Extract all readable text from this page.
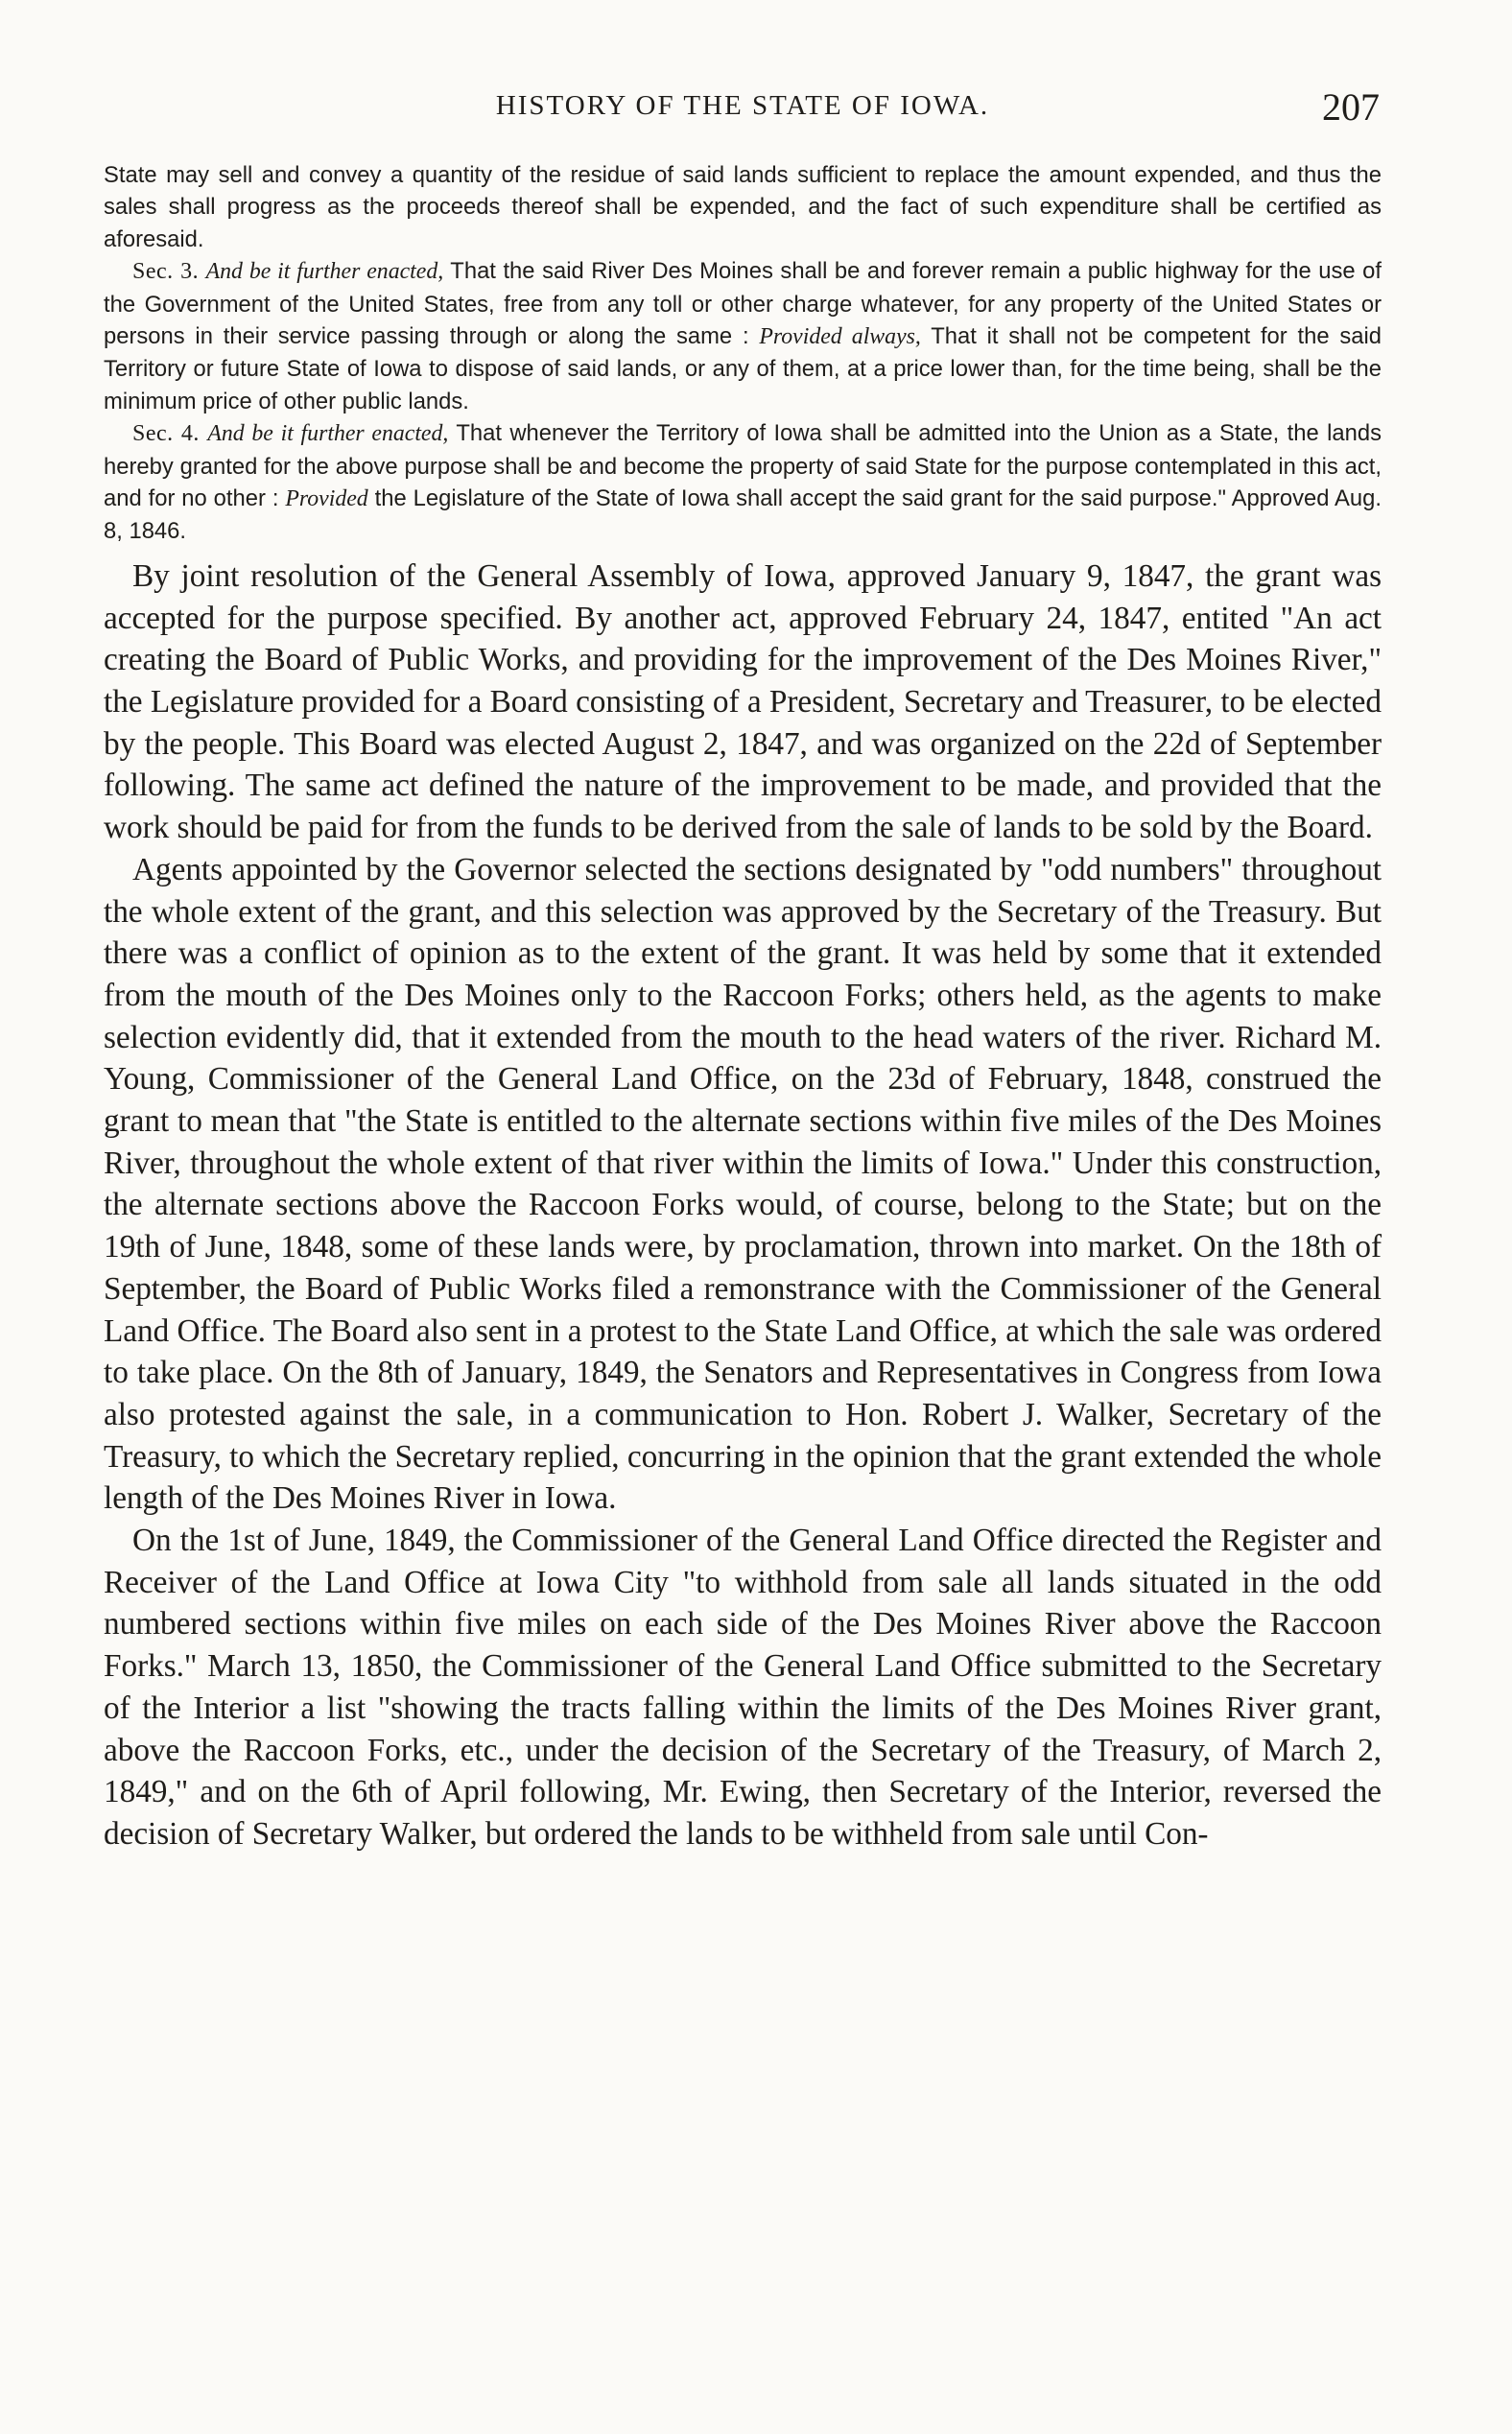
HISTORY OF THE STATE OF IOWA.	207

State may sell and convey a quantity of the residue of said lands sufficient to replace the amount expended, and thus the sales shall progress as the proceeds thereof shall be expended, and the fact of such expenditure shall be certified as aforesaid.

Sec. 3. And be it further enacted, That the said River Des Moines shall be and forever remain a public highway for the use of the Government of the United States, free from any toll or other charge whatever, for any property of the United States or persons in their service passing through or along the same : Provided always, That it shall not be competent for the said Territory or future State of Iowa to dispose of said lands, or any of them, at a price lower than, for the time being, shall be the minimum price of other public lands.

Sec. 4. And be it further enacted, That whenever the Territory of Iowa shall be admitted into the Union as a State, the lands hereby granted for the above purpose shall be and become the property of said State for the purpose contemplated in this act, and for no other : Provided the Legislature of the State of Iowa shall accept the said grant for the said purpose." Approved Aug. 8, 1846.

By joint resolution of the General Assembly of Iowa, approved January 9, 1847, the grant was accepted for the purpose specified. By another act, approved February 24, 1847, entited "An act creating the Board of Public Works, and providing for the improvement of the Des Moines River," the Legislature provided for a Board consisting of a President, Secretary and Treasurer, to be elected by the people. This Board was elected August 2, 1847, and was organized on the 22d of September following. The same act defined the nature of the improvement to be made, and provided that the work should be paid for from the funds to be derived from the sale of lands to be sold by the Board.

Agents appointed by the Governor selected the sections designated by "odd numbers" throughout the whole extent of the grant, and this selection was approved by the Secretary of the Treasury. But there was a conflict of opinion as to the extent of the grant. It was held by some that it extended from the mouth of the Des Moines only to the Raccoon Forks; others held, as the agents to make selection evidently did, that it extended from the mouth to the head waters of the river. Richard M. Young, Commissioner of the General Land Office, on the 23d of February, 1848, construed the grant to mean that "the State is entitled to the alternate sections within five miles of the Des Moines River, throughout the whole extent of that river within the limits of Iowa." Under this construction, the alternate sections above the Raccoon Forks would, of course, belong to the State; but on the 19th of June, 1848, some of these lands were, by proclamation, thrown into market. On the 18th of September, the Board of Public Works filed a remonstrance with the Commissioner of the General Land Office. The Board also sent in a protest to the State Land Office, at which the sale was ordered to take place. On the 8th of January, 1849, the Senators and Representatives in Congress from Iowa also protested against the sale, in a communication to Hon. Robert J. Walker, Secretary of the Treasury, to which the Secretary replied, concurring in the opinion that the grant extended the whole length of the Des Moines River in Iowa.

On the 1st of June, 1849, the Commissioner of the General Land Office directed the Register and Receiver of the Land Office at Iowa City "to withhold from sale all lands situated in the odd numbered sections within five miles on each side of the Des Moines River above the Raccoon Forks." March 13, 1850, the Commissioner of the General Land Office submitted to the Secretary of the Interior a list "showing the tracts falling within the limits of the Des Moines River grant, above the Raccoon Forks, etc., under the decision of the Secretary of the Treasury, of March 2, 1849," and on the 6th of April following, Mr. Ewing, then Secretary of the Interior, reversed the decision of Secretary Walker, but ordered the lands to be withheld from sale until Con-
